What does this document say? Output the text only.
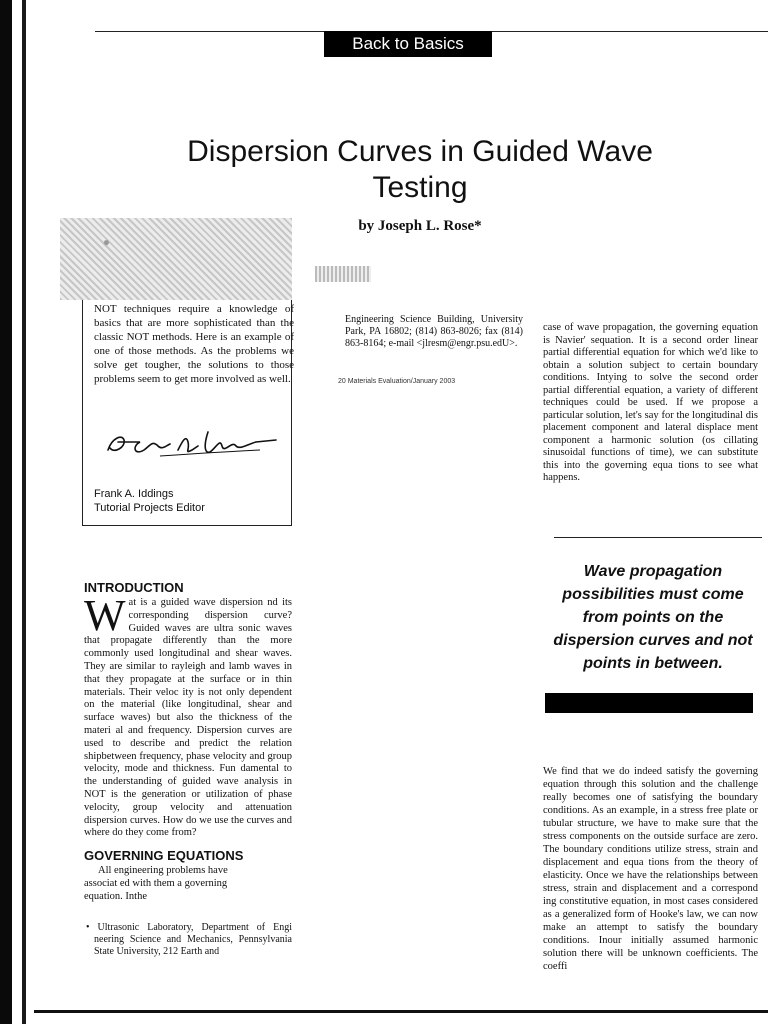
Back to Basics
Dispersion Curves in Guided Wave Testing
by Joseph L. Rose*
NOT techniques require a knowledge of basics that are more sophisticated than the classic NOT methods. Here is an example of one of those methods. As the problems we solve get tougher, the solutions to those problems seem to get more involved as well.
Frank A. Iddings
Tutorial Projects Editor
Engineering Science Building, University Park, PA 16802; (814) 863-8026; fax (814) 863-8164; e-mail <jlresm@engr.psu.edU>.
20 Materials Evaluation/January 2003
case of wave propagation, the governing equation is Navier' sequation. It is a second order linear partial differential equation for which we'd like to obtain a solution subject to certain boundary conditions. Intying to solve the second order partial differential equation, a variety of different techniques could be used. If we propose a particular solution, let's say for the longitudinal dis placement component and lateral displace ment component a harmonic solution (os cillating sinusoidal functions of time), we can substitute this into the governing equa tions to see what happens.
Wave propagation possibilities must come from points on the dispersion curves and not points in between.
We find that we do indeed satisfy the governing equation through this solution and the challenge really becomes one of satisfying the boundary conditions. As an example, in a stress free plate or tubular structure, we have to make sure that the stress components on the outside surface are zero. The boundary conditions utilize stress, strain and displacement and equa tions from the theory of elasticity. Once we have the relationships between stress, strain and displacement and a correspond ing constitutive equation, in most cases considered as a generalized form of Hooke's law, we can now make an attempt to satisfy the boundary conditions. Inour initially assumed harmonic solution there will be unknown coefficients. The coeffi
INTRODUCTION

Wat is a guided wave dispersion nd its corresponding dispersion curve? Guided waves are ultra sonic waves that propagate differently than the more commonly used longitudinal and shear waves. They are similar to rayleigh and lamb waves in that they propagate at the surface or in thin materials. Their veloc ity is not only dependent on the material (like longitudinal, shear and surface waves) but also the thickness of the materi al and frequency. Dispersion curves are used to describe and predict the relation shipbetween frequency, phase velocity and group velocity, mode and thickness. Fun damental to the understanding of guided wave analysis in NOT is the generation or utilization of phase velocity, group velocity and attenuation dispersion curves. How do we use the curves and where do they come from?

GOVERNING EQUATIONS

All engineering problems have associat ed with them a governing equation. Inthe

• Ultrasonic Laboratory, Department of Engi neering Science and Mechanics, Pennsylvania State University, 212 Earth and
